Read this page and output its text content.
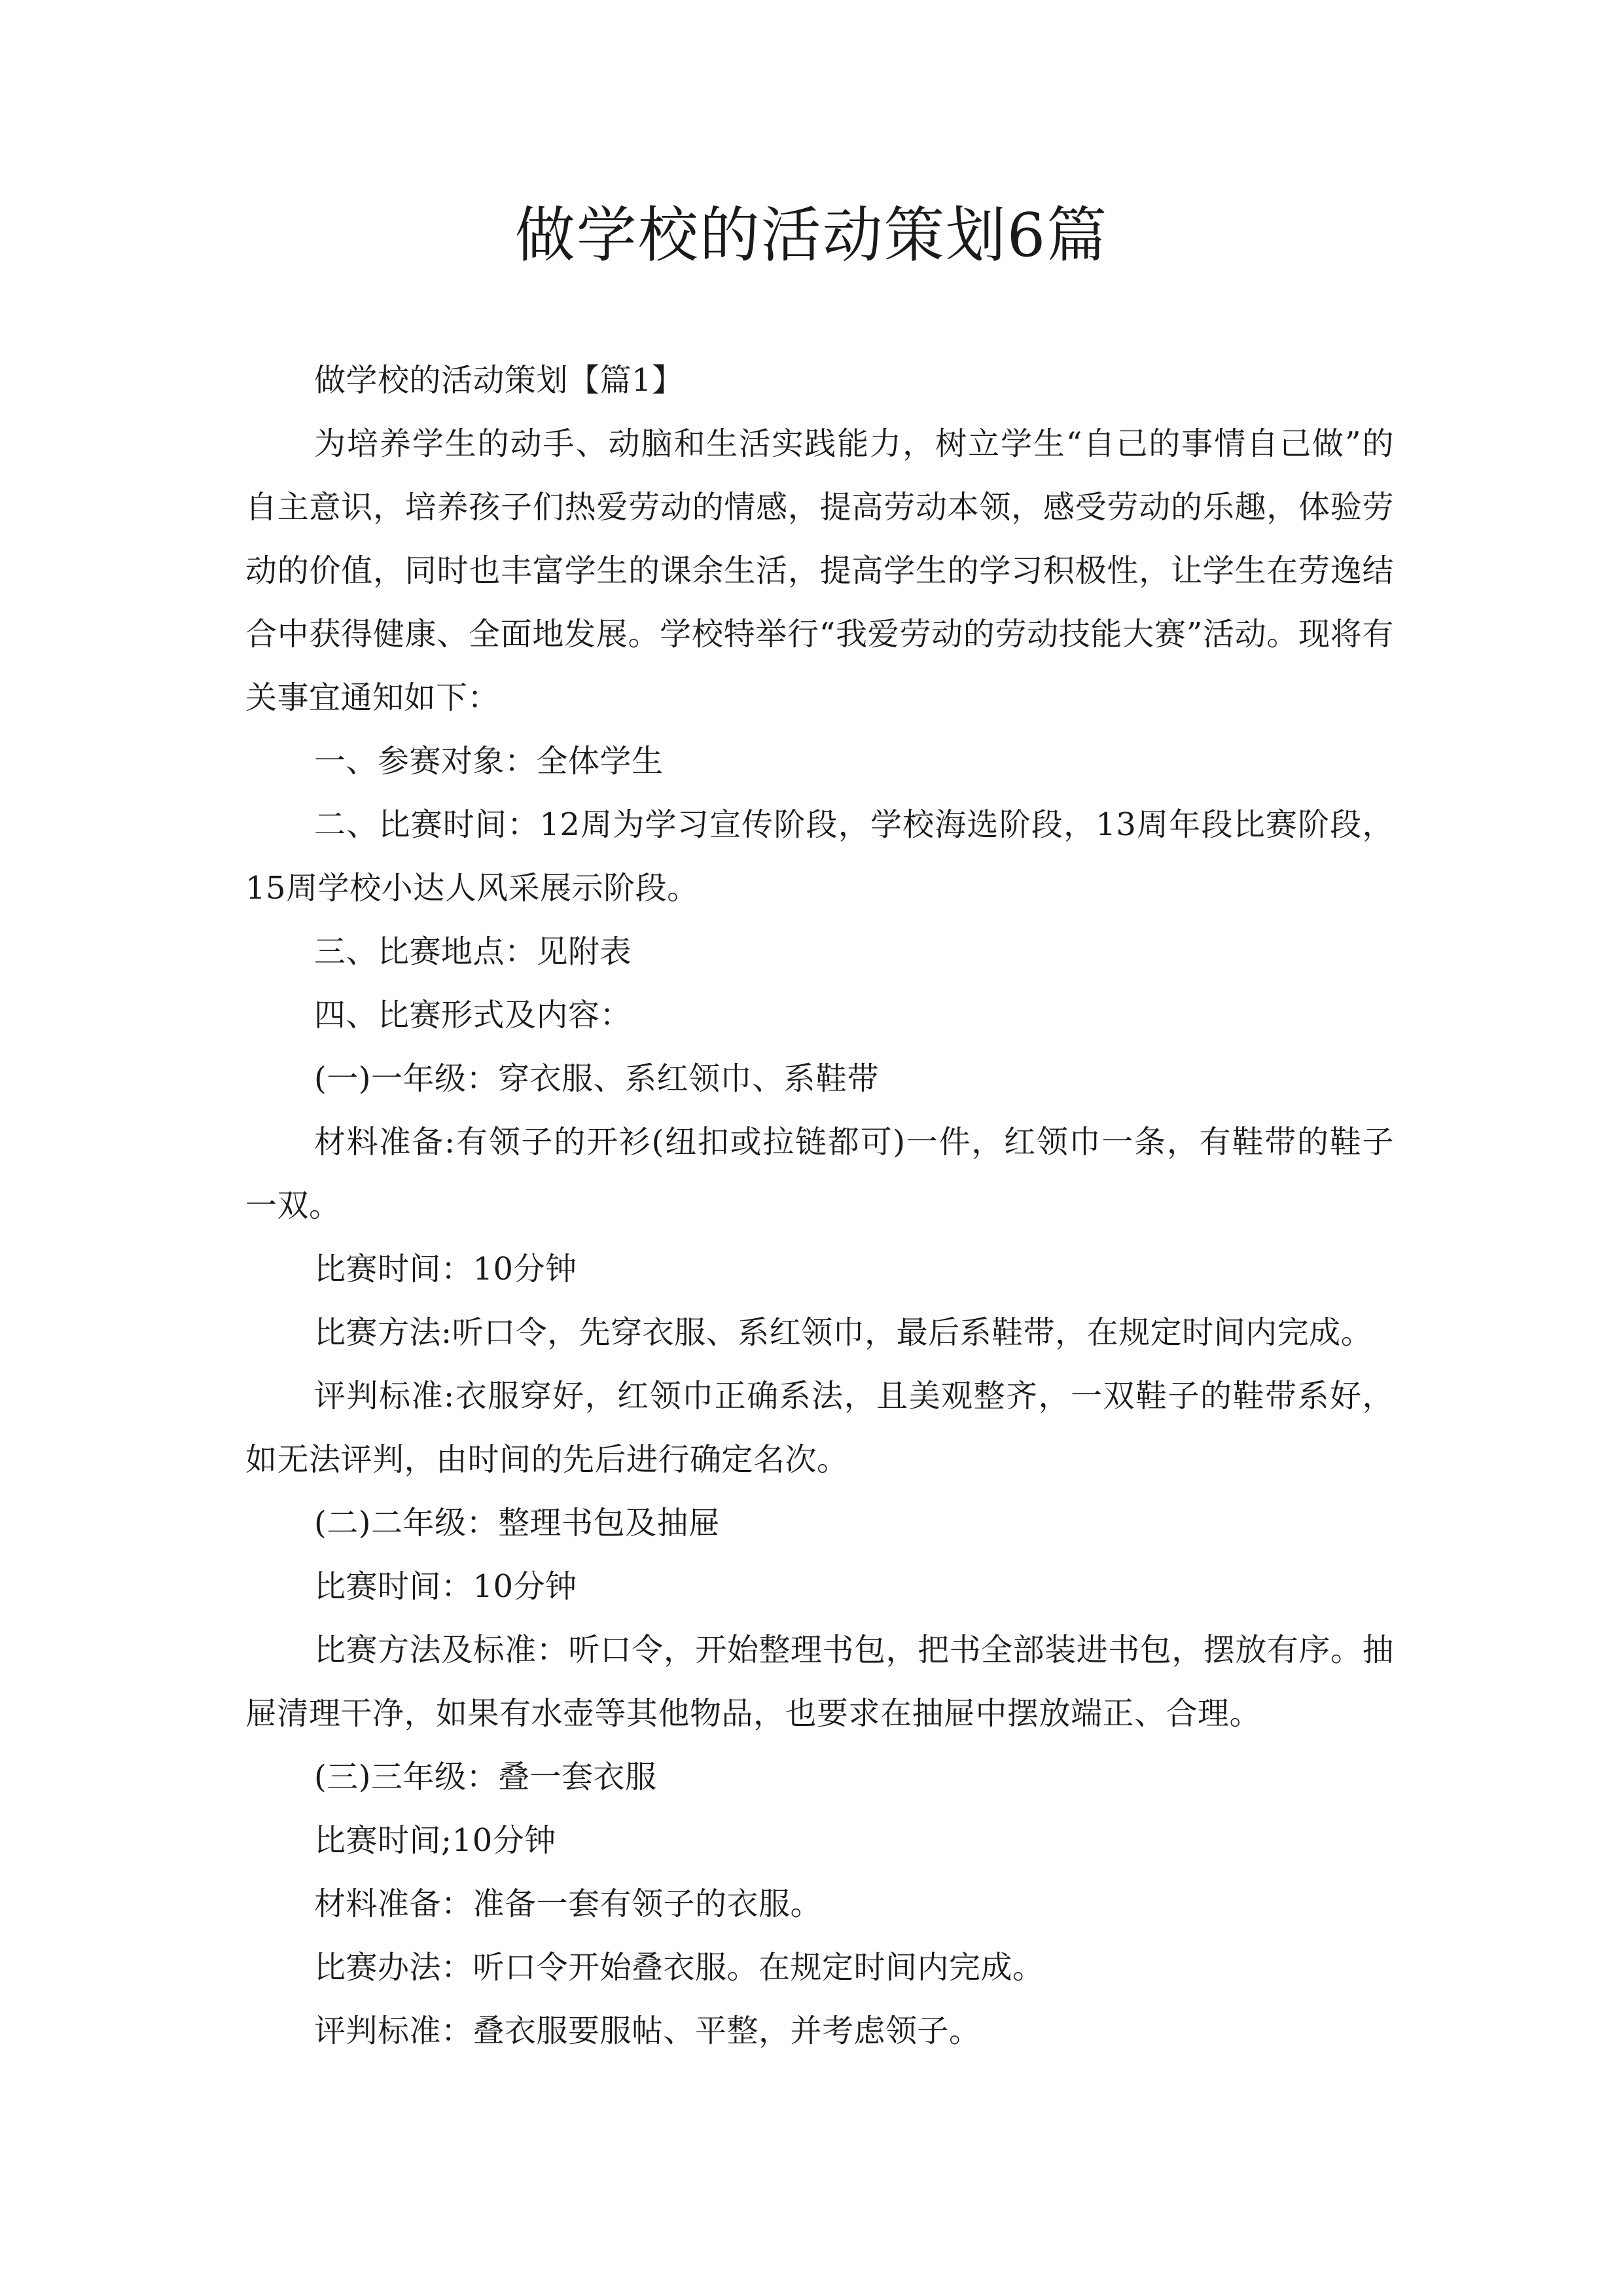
做学校的活动策划6篇

做学校的活动策划【篇1】

为培养学生的动手、动脑和生活实践能力，树立学生“自己的事情自己做”的自主意识，培养孩子们热爱劳动的情感，提高劳动本领，感受劳动的乐趣，体验劳动的价值，同时也丰富学生的课余生活，提高学生的学习积极性，让学生在劳逸结合中获得健康、全面地发展。学校特举行“我爱劳动的劳动技能大赛”活动。现将有关事宜通知如下：

一、参赛对象：全体学生

二、比赛时间：12周为学习宣传阶段，学校海选阶段，13周年段比赛阶段，15周学校小达人风采展示阶段。

三、比赛地点：见附表

四、比赛形式及内容：

(一)一年级：穿衣服、系红领巾、系鞋带

材料准备:有领子的开衫(纽扣或拉链都可)一件，红领巾一条，有鞋带的鞋子一双。

比赛时间：10分钟

比赛方法:听口令，先穿衣服、系红领巾，最后系鞋带，在规定时间内完成。

评判标准:衣服穿好，红领巾正确系法，且美观整齐，一双鞋子的鞋带系好，如无法评判，由时间的先后进行确定名次。

(二)二年级：整理书包及抽屉

比赛时间：10分钟

比赛方法及标准：听口令，开始整理书包，把书全部装进书包，摆放有序。抽屉清理干净，如果有水壶等其他物品，也要求在抽屉中摆放端正、合理。

(三)三年级：叠一套衣服

比赛时间;10分钟

材料准备：准备一套有领子的衣服。

比赛办法：听口令开始叠衣服。在规定时间内完成。

评判标准：叠衣服要服帖、平整，并考虑领子。
